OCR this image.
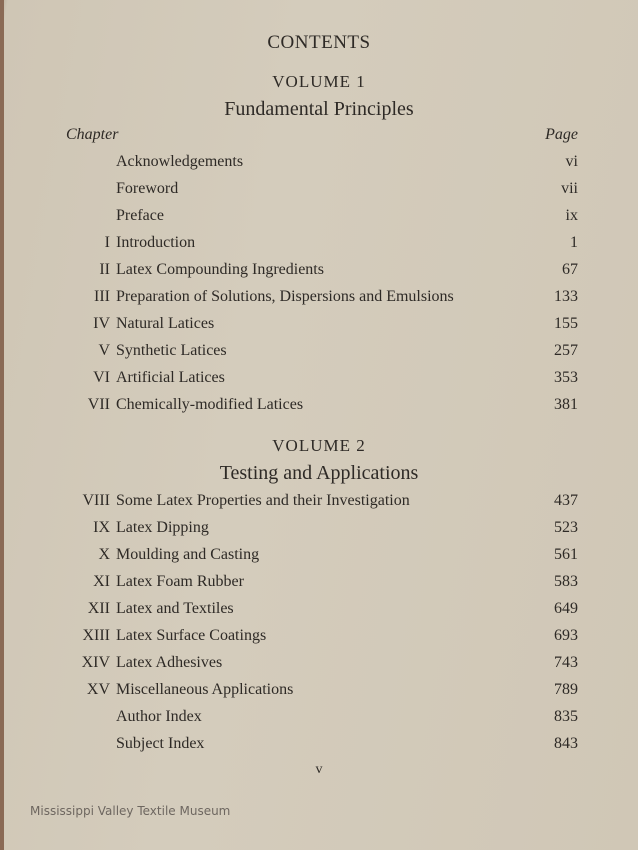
CONTENTS
VOLUME 1
Fundamental Principles
Chapter	Page
Acknowledgements	vi
Foreword	vii
Preface	ix
I Introduction	1
II Latex Compounding Ingredients	67
III Preparation of Solutions, Dispersions and Emulsions	133
IV Natural Latices	155
V Synthetic Latices	257
VI Artificial Latices	353
VII Chemically-modified Latices	381
VOLUME 2
Testing and Applications
VIII Some Latex Properties and their Investigation	437
IX Latex Dipping	523
X Moulding and Casting	561
XI Latex Foam Rubber	583
XII Latex and Textiles	649
XIII Latex Surface Coatings	693
XIV Latex Adhesives	743
XV Miscellaneous Applications	789
Author Index	835
Subject Index	843
v
Mississippi Valley Textile Museum
